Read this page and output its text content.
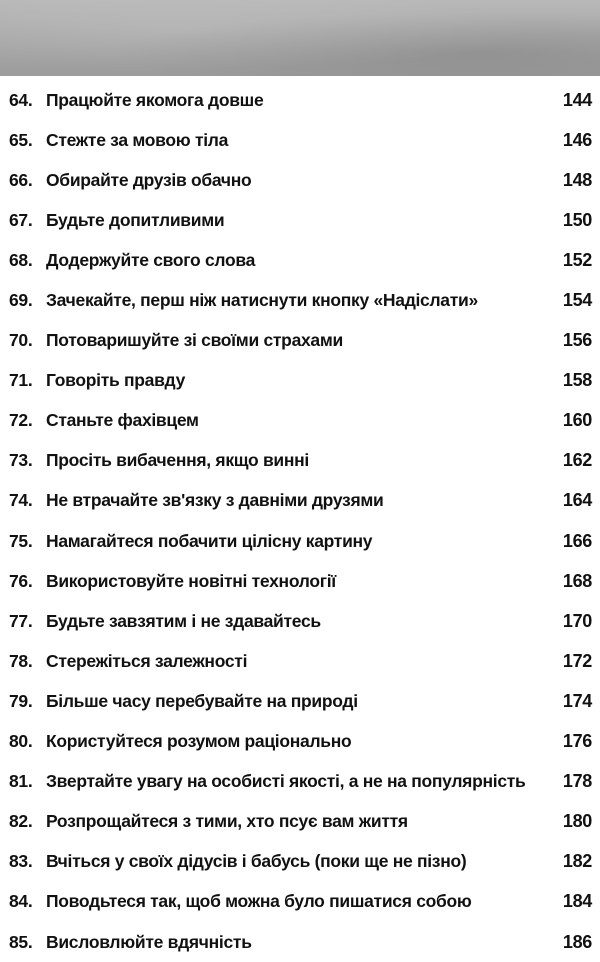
64. Працюйте якомога довше	144
65. Стежте за мовою тіла	146
66. Обирайте друзів обачно	148
67. Будьте допитливими	150
68. Додержуйте свого слова	152
69. Зачекайте, перш ніж натиснути кнопку «Надіслати»	154
70. Потоваришуйте зі своїми страхами	156
71. Говоріть правду	158
72. Станьте фахівцем	160
73. Просіть вибачення, якщо винні	162
74. Не втрачайте зв'язку з давніми друзями	164
75. Намагайтеся побачити цілісну картину	166
76. Використовуйте новітні технології	168
77. Будьте завзятим і не здавайтесь	170
78. Стережіться залежності	172
79. Більше часу перебувайте на природі	174
80. Користуйтеся розумом раціонально	176
81. Звертайте увагу на особисті якості, а не на популярність 178
82. Розпрощайтеся з тими, хто псує вам життя	180
83. Вчіться у своїх дідусів і бабусь (поки ще не пізно)	182
84. Поводьтеся так, щоб можна було пишатися собою	184
85. Висловлюйте вдячність	186
